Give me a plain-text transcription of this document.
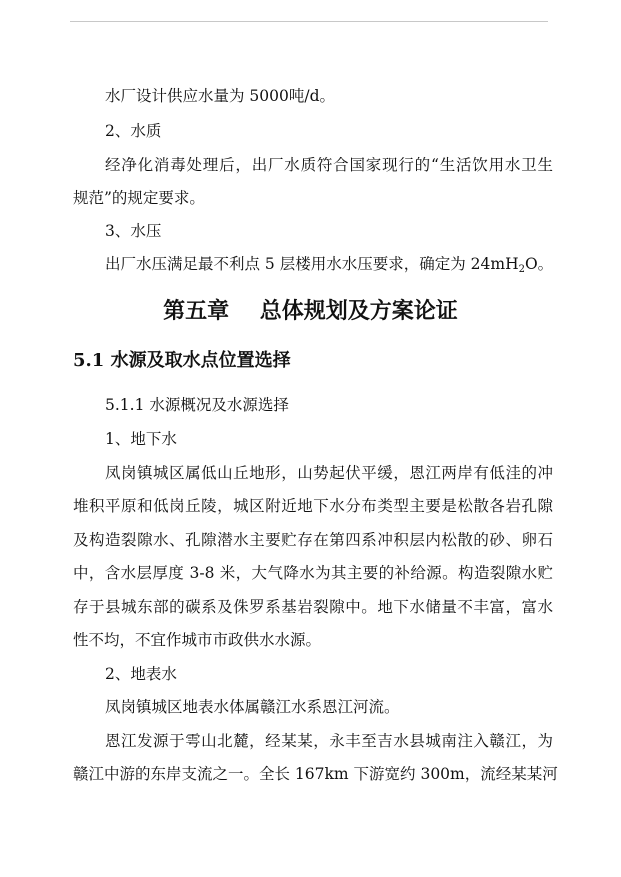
水厂设计供应水量为 5000吨/d。
2、水质
经净化消毒处理后，出厂水质符合国家现行的“生活饮用水卫生
规范”的规定要求。
3、水压
出厂水压满足最不利点 5 层楼用水水压要求，确定为 $24mH_2O$。
第五章    总体规划及方案论证
5.1 水源及取水点位置选择
5.1.1 水源概况及水源选择
1、地下水
凤岗镇城区属低山丘地形，山势起伏平缓，恩江两岸有低洼的冲
堆积平原和低岗丘陵，城区附近地下水分布类型主要是松散各岩孔隙
及构造裂隙水、孔隙潜水主要贮存在第四系冲积层内松散的砂、卵石
中，含水层厚度 3-8 米，大气降水为其主要的补给源。构造裂隙水贮
存于县城东部的碳系及侏罗系基岩裂隙中。地下水储量不丰富，富水
性不均，不宜作城市市政供水水源。
2、地表水
凤岗镇城区地表水体属赣江水系恩江河流。
恩江发源于雩山北麓，经某某，永丰至吉水县城南注入赣江，为
赣江中游的东岸支流之一。全长 167km 下游宽约 300m，流经某某河
